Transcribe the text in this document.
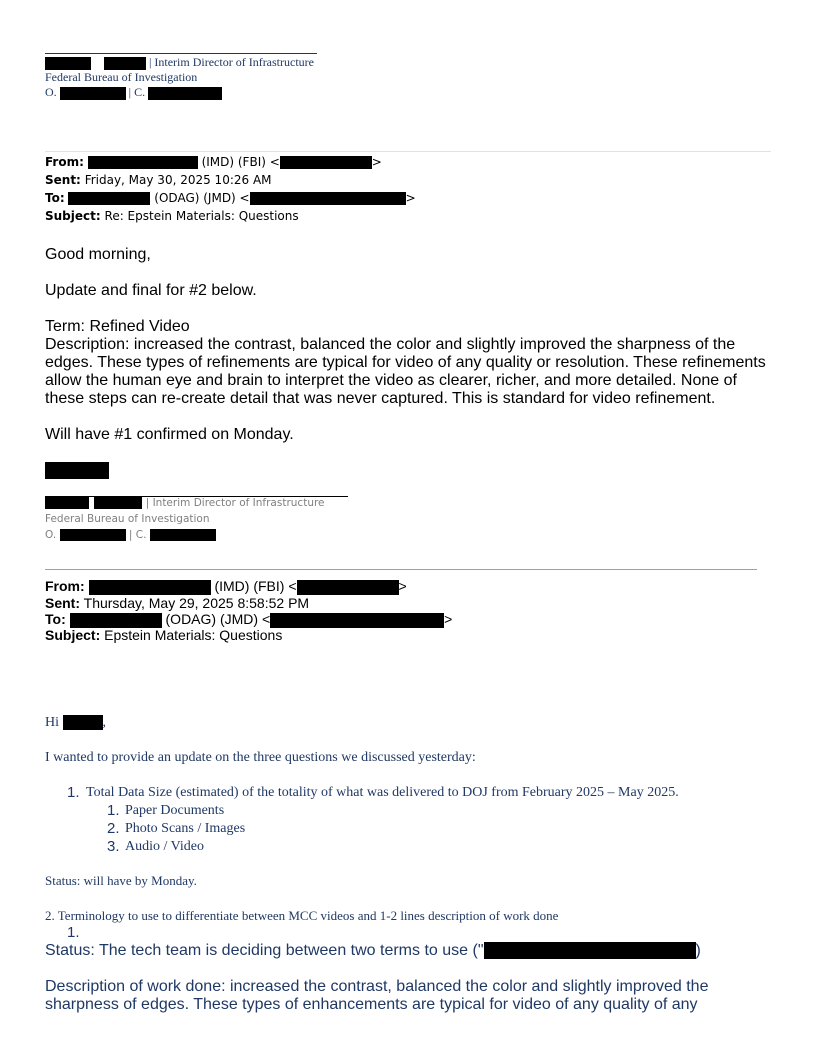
| Interim Director of Infrastructure
Federal Bureau of Investigation
O.	| C.
From:	(IMD) (FBI) <	>
Sent: Friday, May 30, 2025 10:26 AM
To:	(ODAG) (JMD) <	>
Subject: Re: Epstein Materials: Questions
Good morning,
Update and final for #2 below.
Term: Refined Video
Description: increased the contrast, balanced the color and slightly improved the sharpness of the edges. These types of refinements are typical for video of any quality or resolution. These refinements allow the human eye and brain to interpret the video as clearer, richer, and more detailed. None of these steps can re-create detail that was never captured. This is standard for video refinement.
Will have #1 confirmed on Monday.
| Interim Director of Infrastructure
Federal Bureau of Investigation
O.	| C.
From:	(IMD) (FBI) <	>
Sent: Thursday, May 29, 2025 8:58:52 PM
To:	(ODAG) (JMD) <	>
Subject: Epstein Materials: Questions
Hi	,
I wanted to provide an update on the three questions we discussed yesterday:
1. Total Data Size (estimated) of the totality of what was delivered to DOJ from February 2025 – May 2025.
1. Paper Documents
2. Photo Scans / Images
3. Audio / Video
Status: will have by Monday.
2. Terminology to use to differentiate between MCC videos and 1-2 lines description of work done
1.
Status: The tech team is deciding between two terms to use ("	)
Description of work done: increased the contrast, balanced the color and slightly improved the sharpness of edges. These types of enhancements are typical for video of any quality of any
